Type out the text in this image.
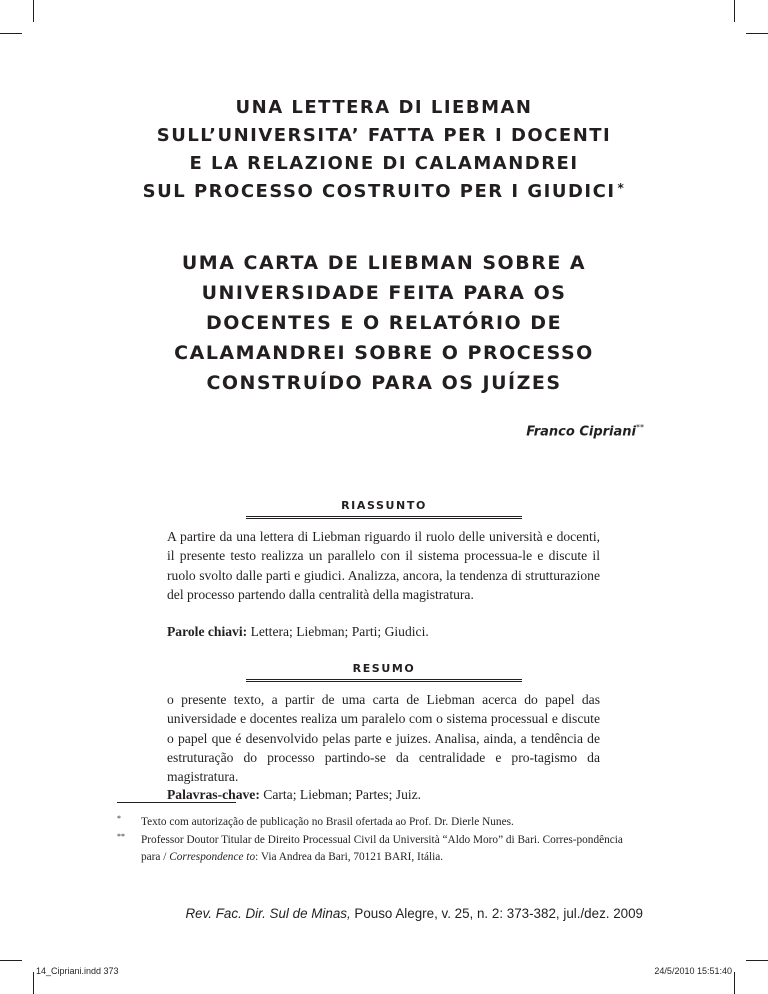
UNA LETTERA DI LIEBMAN
SULL’UNIVERSITA’ FATTA PER I DOCENTI
E LA RELAZIONE DI CALAMANDREI
SUL PROCESSO COSTRUITO PER I GIUDICI *
UMA CARTA DE LIEBMAN SOBRE A
UNIVERSIDADE FEITA PARA OS
DOCENTES E O RELATÓRIO DE
CALAMANDREI SOBRE O PROCESSO
CONSTRUÍDO PARA OS JUÍZES
Franco Cipriani**
RIASSUNTO
A partire da una lettera di Liebman riguardo il ruolo delle università e docenti, il presente testo realizza un parallelo con il sistema processua-le e discute il ruolo svolto dalle parti e giudici. Analizza, ancora, la tendenza di strutturazione del processo partendo dalla centralità della magistratura.
Parole chiavi: Lettera; Liebman; Parti; Giudici.
RESUMO
o presente texto, a partir de uma carta de Liebman acerca do papel das universidade e docentes realiza um paralelo com o sistema processual e discute o papel que é desenvolvido pelas parte e juizes. Analisa, ainda, a tendência de estruturação do processo partindo-se da centralidade e pro-tagismo da magistratura.
Palavras-chave: Carta; Liebman; Partes; Juiz.
* Texto com autorização de publicação no Brasil ofertada ao Prof. Dr. Dierle Nunes.
** Professor Doutor Titular de Direito Processual Civil da Università “Aldo Moro” di Bari. Corres-pondência para / Correspondence to: Via Andrea da Bari, 70121 BARI, Itália.
Rev. Fac. Dir. Sul de Minas, Pouso Alegre, v. 25, n. 2: 373-382, jul./dez. 2009
14_Cipriani.indd 373	24/5/2010 15:51:40
